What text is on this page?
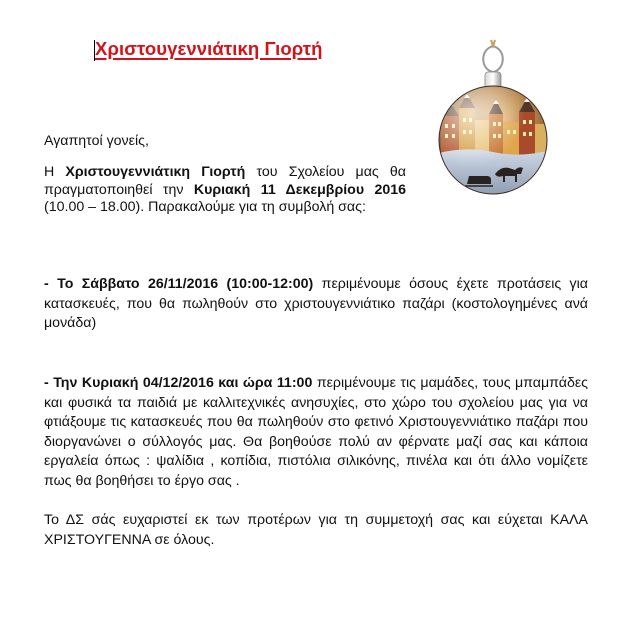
Χριστουγεννιάτικη Γιορτή
Αγαπητοί γονείς,
Η Χριστουγεννιάτικη Γιορτή του Σχολείου μας θα πραγματοποιηθεί την Κυριακή 11 Δεκεμβρίου 2016 (10.00 – 18.00). Παρακαλούμε για τη συμβολή σας:
- Το Σάββατο 26/11/2016 (10:00-12:00) περιμένουμε όσους έχετε προτάσεις για κατασκευές, που θα πωληθούν στο χριστουγεννιάτικο παζάρι (κοστολογημένες ανά μονάδα)
- Την Κυριακή 04/12/2016 και ώρα 11:00 περιμένουμε τις μαμάδες, τους μπαμπάδες και φυσικά τα παιδιά με καλλιτεχνικές ανησυχίες, στο χώρο του σχολείου μας για να φτιάξουμε τις κατασκευές που θα πωληθούν στο φετινό Χριστουγεννιάτικο παζάρι που διοργανώνει ο σύλλογός μας. Θα βοηθούσε πολύ αν φέρνατε μαζί σας και κάποια εργαλεία όπως : ψαλίδια , κοπίδια, πιστόλια σιλικόνης, πινέλα και ότι άλλο νομίζετε πως θα βοηθήσει το έργο σας .
Το ΔΣ σάς ευχαριστεί εκ των προτέρων για τη συμμετοχή σας και εύχεται ΚΑΛΑ ΧΡΙΣΤΟΥΓΕΝΝΑ σε όλους.
